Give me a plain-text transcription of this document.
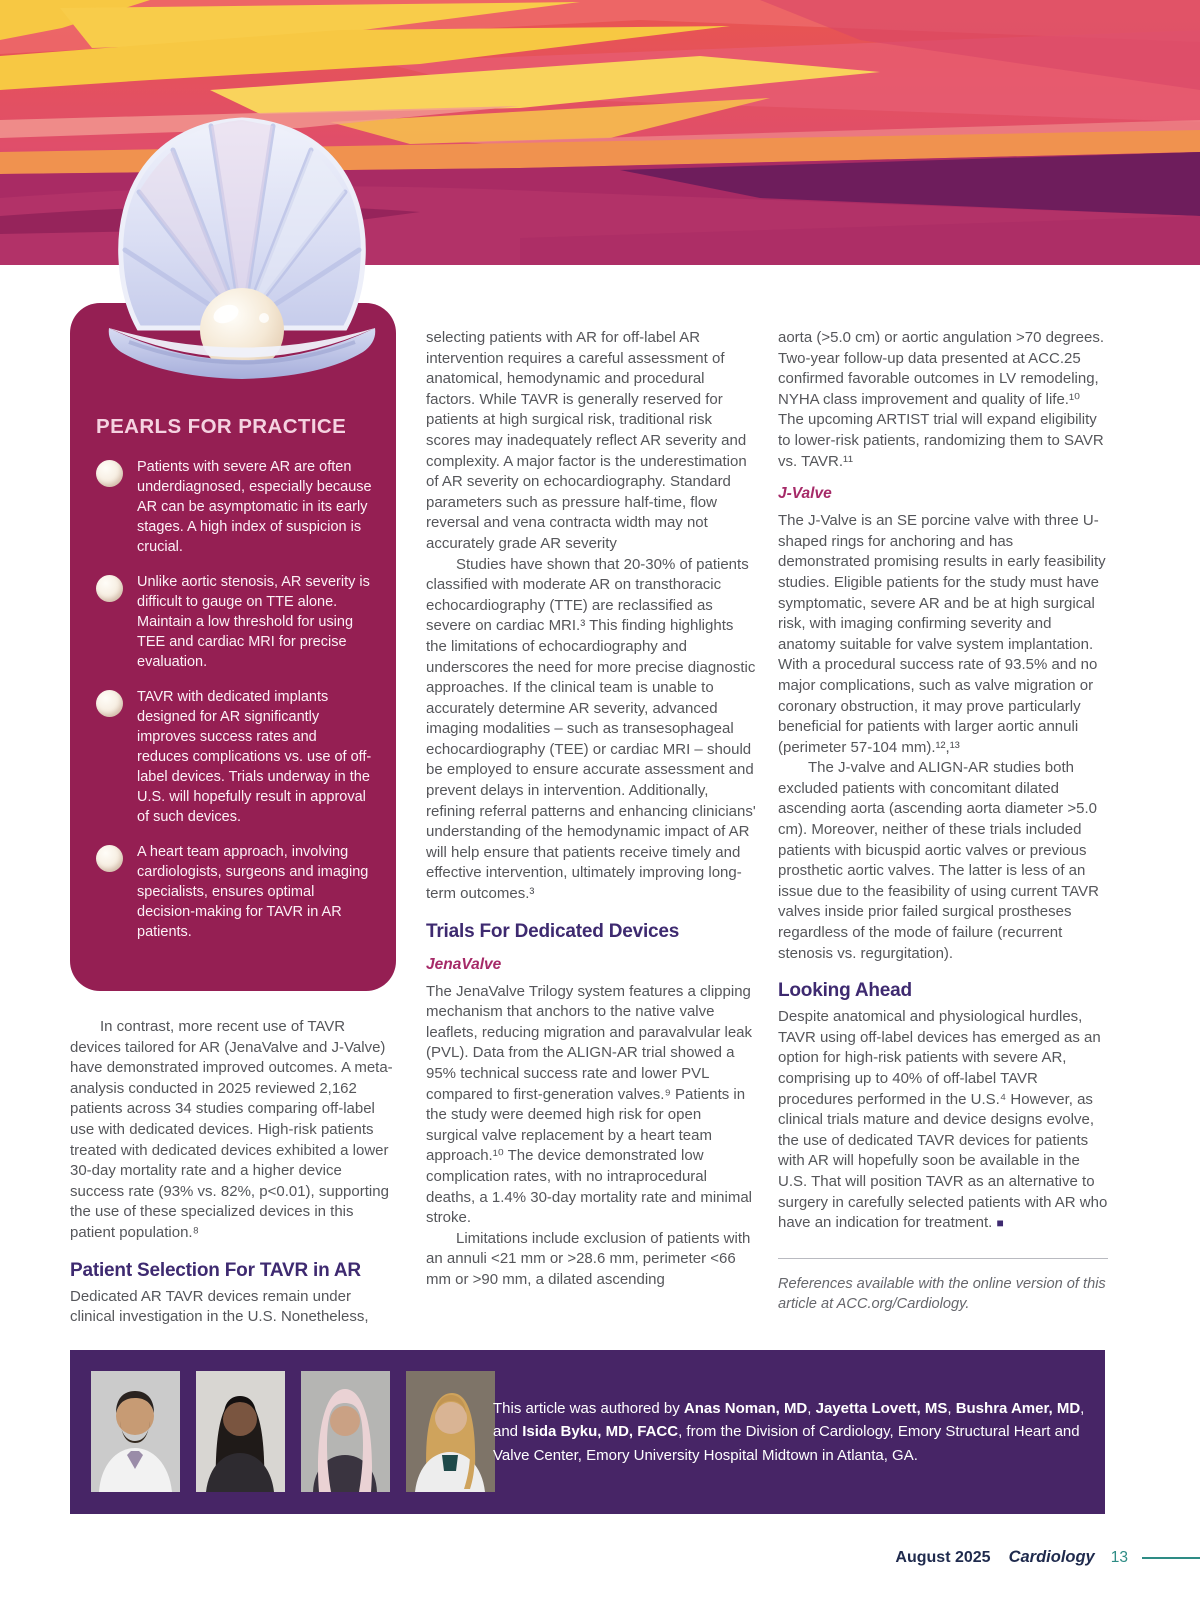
PEARLS FOR PRACTICE

Patients with severe AR are often underdiagnosed, especially because AR can be asymptomatic in its early stages. A high index of suspicion is crucial.

Unlike aortic stenosis, AR severity is difficult to gauge on TTE alone. Maintain a low threshold for using TEE and cardiac MRI for precise evaluation.

TAVR with dedicated implants designed for AR significantly improves success rates and reduces complications vs. use of off-label devices. Trials underway in the U.S. will hopefully result in approval of such devices.

A heart team approach, involving cardiologists, surgeons and imaging specialists, ensures optimal decision-making for TAVR in AR patients.

In contrast, more recent use of TAVR devices tailored for AR (JenaValve and J-Valve) have demonstrated improved outcomes. A meta-analysis conducted in 2025 reviewed 2,162 patients across 34 studies comparing off-label use with dedicated devices. High-risk patients treated with dedicated devices exhibited a lower 30-day mortality rate and a higher device success rate (93% vs. 82%, p<0.01), supporting the use of these specialized devices in this patient population.⁸

Patient Selection For TAVR in AR

Dedicated AR TAVR devices remain under clinical investigation in the U.S. Nonetheless,

selecting patients with AR for off-label AR intervention requires a careful assessment of anatomical, hemodynamic and procedural factors. While TAVR is generally reserved for patients at high surgical risk, traditional risk scores may inadequately reflect AR severity and complexity. A major factor is the underestimation of AR severity on echocardiography. Standard parameters such as pressure half-time, flow reversal and vena contracta width may not accurately grade AR severity

Studies have shown that 20-30% of patients classified with moderate AR on transthoracic echocardiography (TTE) are reclassified as severe on cardiac MRI.³ This finding highlights the limitations of echocardiography and underscores the need for more precise diagnostic approaches. If the clinical team is unable to accurately determine AR severity, advanced imaging modalities – such as transesophageal echocardiography (TEE) or cardiac MRI – should be employed to ensure accurate assessment and prevent delays in intervention. Additionally, refining referral patterns and enhancing clinicians' understanding of the hemodynamic impact of AR will help ensure that patients receive timely and effective intervention, ultimately improving long-term outcomes.³

Trials For Dedicated Devices
JenaValve

The JenaValve Trilogy system features a clipping mechanism that anchors to the native valve leaflets, reducing migration and paravalvular leak (PVL). Data from the ALIGN-AR trial showed a 95% technical success rate and lower PVL compared to first-generation valves.⁹ Patients in the study were deemed high risk for open surgical valve replacement by a heart team approach.¹⁰ The device demonstrated low complication rates, with no intraprocedural deaths, a 1.4% 30-day mortality rate and minimal stroke.

Limitations include exclusion of patients with an annuli <21 mm or >28.6 mm, perimeter <66 mm or >90 mm, a dilated ascending

aorta (>5.0 cm) or aortic angulation >70 degrees. Two-year follow-up data presented at ACC.25 confirmed favorable outcomes in LV remodeling, NYHA class improvement and quality of life.¹⁰ The upcoming ARTIST trial will expand eligibility to lower-risk patients, randomizing them to SAVR vs. TAVR.¹¹

J-Valve

The J-Valve is an SE porcine valve with three U-shaped rings for anchoring and has demonstrated promising results in early feasibility studies. Eligible patients for the study must have symptomatic, severe AR and be at high surgical risk, with imaging confirming severity and anatomy suitable for valve system implantation. With a procedural success rate of 93.5% and no major complications, such as valve migration or coronary obstruction, it may prove particularly beneficial for patients with larger aortic annuli (perimeter 57-104 mm).¹²,¹³

The J-valve and ALIGN-AR studies both excluded patients with concomitant dilated ascending aorta (ascending aorta diameter >5.0 cm). Moreover, neither of these trials included patients with bicuspid aortic valves or previous prosthetic aortic valves. The latter is less of an issue due to the feasibility of using current TAVR valves inside prior failed surgical prostheses regardless of the mode of failure (recurrent stenosis vs. regurgitation).

Looking Ahead

Despite anatomical and physiological hurdles, TAVR using off-label devices has emerged as an option for high-risk patients with severe AR, comprising up to 40% of off-label TAVR procedures performed in the U.S.⁴ However, as clinical trials mature and device designs evolve, the use of dedicated TAVR devices for patients with AR will hopefully soon be available in the U.S. That will position TAVR as an alternative to surgery in carefully selected patients with AR who have an indication for treatment. ■

References available with the online version of this article at ACC.org/Cardiology.

This article was authored by Anas Noman, MD, Jayetta Lovett, MS, Bushra Amer, MD, and Isida Byku, MD, FACC, from the Division of Cardiology, Emory Structural Heart and Valve Center, Emory University Hospital Midtown in Atlanta, GA.

August 2025 Cardiology 13
